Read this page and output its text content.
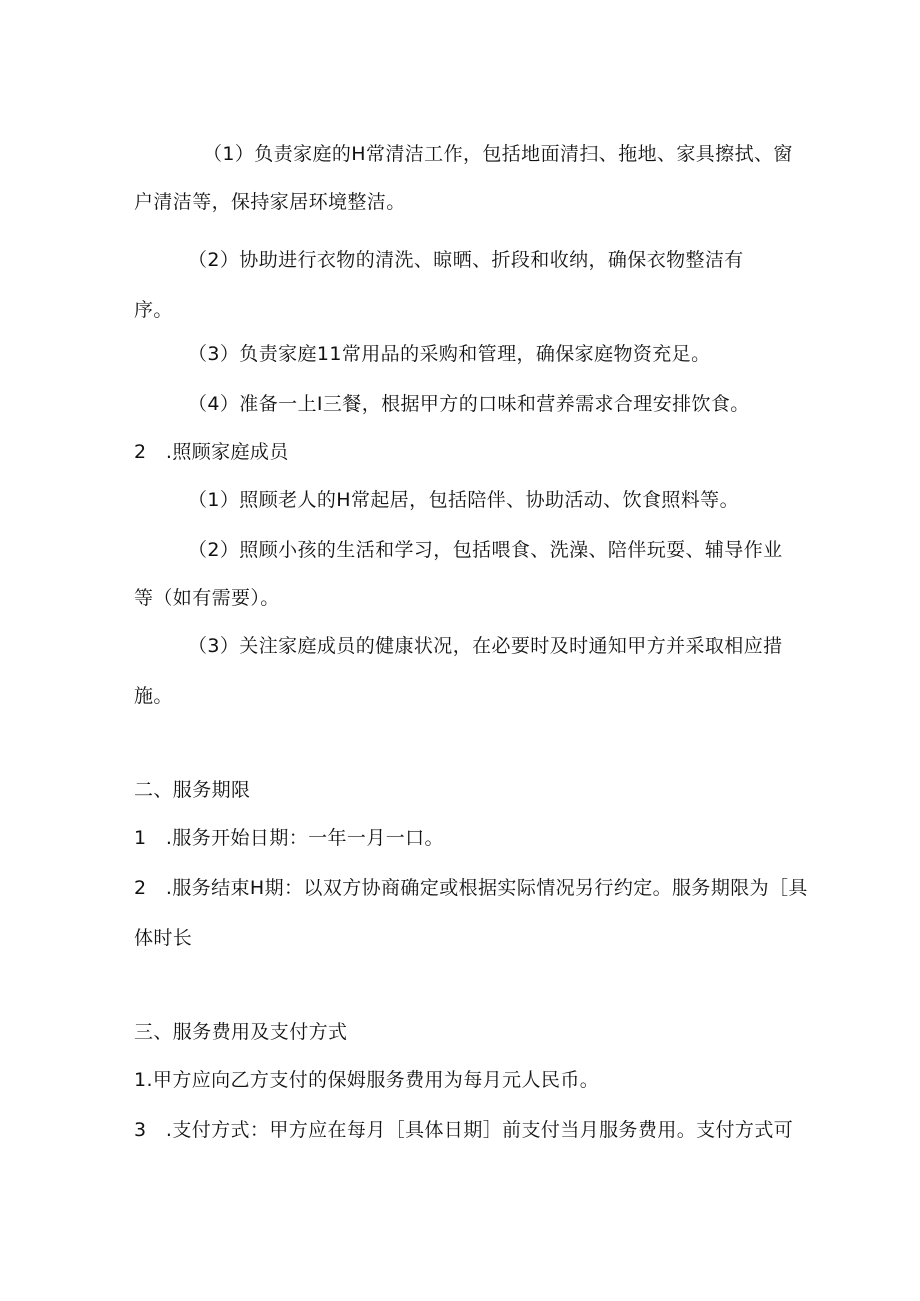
（1）负责家庭的H常清洁工作，包括地面清扫、拖地、家具擦拭、窗
户清洁等，保持家居环境整洁。
（2）协助进行衣物的清洗、晾晒、折段和收纳，确保衣物整洁有
序。
（3）负责家庭11常用品的采购和管理，确保家庭物资充足。
（4）准备一上I三餐，根据甲方的口味和营养需求合理安排饮食。
2　.照顾家庭成员
（1）照顾老人的H常起居，包括陪伴、协助活动、饮食照料等。
（2）照顾小孩的生活和学习，包括喂食、洗澡、陪伴玩耍、辅导作业
等（如有需要）。
（3）关注家庭成员的健康状况，在必要时及时通知甲方并采取相应措
施。
二、服务期限
1　.服务开始日期：一年一月一口。
2　.服务结束H期：以双方协商确定或根据实际情况另行约定。服务期限为［具
体时长
三、服务费用及支付方式
1.甲方应向乙方支付的保姆服务费用为每月元人民币。
3　.支付方式：甲方应在每月［具体日期］前支付当月服务费用。支付方式可
